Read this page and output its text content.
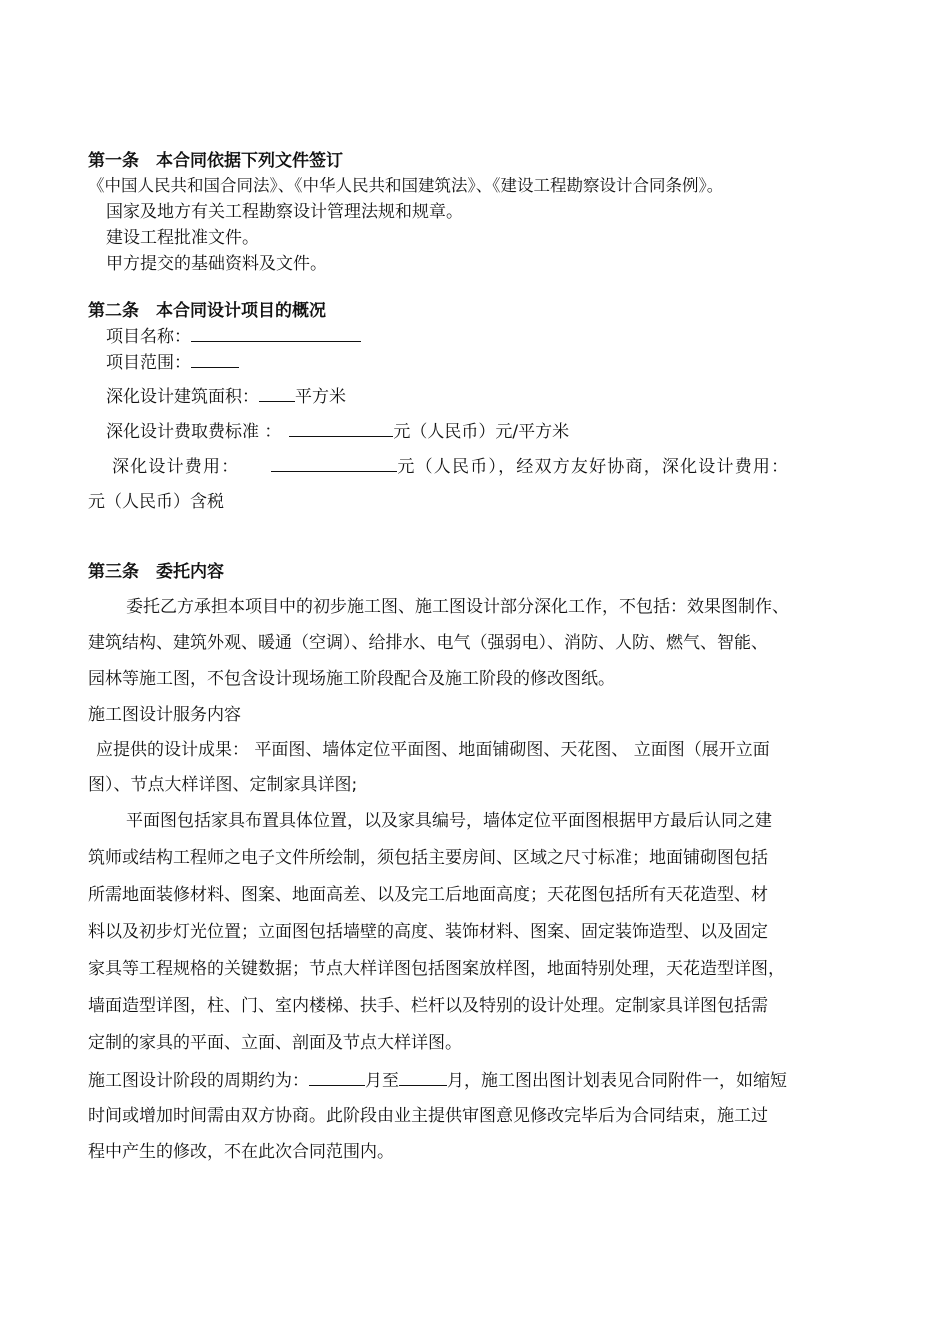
第一条　本合同依据下列文件签订
《中国人民共和国合同法》、《中华人民共和国建筑法》、《建设工程勘察设计合同条例》。
国家及地方有关工程勘察设计管理法规和规章。
建设工程批准文件。
甲方提交的基础资料及文件。
第二条　本合同设计项目的概况
项目名称：
项目范围：
深化设计建筑面积： 平方米
深化设计费取费标准 ：	元（人民币）元/平方米
深化设计费用：	元（人民币），经双方友好协商，深化设计费用：
元（人民币）含税
第三条　委托内容
委托乙方承担本项目中的初步施工图、施工图设计部分深化工作，不包括：效果图制作、
建筑结构、建筑外观、暖通（空调）、给排水、电气（强弱电）、消防、人防、燃气、智能、
园林等施工图，不包含设计现场施工阶段配合及施工阶段的修改图纸。
施工图设计服务内容
应提供的设计成果： 平面图、墙体定位平面图、地面铺砌图、天花图、 立面图（展开立面
图）、节点大样详图、定制家具详图;
平面图包括家具布置具体位置，以及家具编号，墙体定位平面图根据甲方最后认同之建
筑师或结构工程师之电子文件所绘制，须包括主要房间、区域之尺寸标准；地面铺砌图包括
所需地面装修材料、图案、地面高差、以及完工后地面高度；天花图包括所有天花造型、材
料以及初步灯光位置；立面图包括墙壁的高度、装饰材料、图案、固定装饰造型、以及固定
家具等工程规格的关键数据；节点大样详图包括图案放样图，地面特别处理，天花造型详图，
墙面造型详图，柱、门、室内楼梯、扶手、栏杆以及特别的设计处理。定制家具详图包括需
定制的家具的平面、立面、剖面及节点大样详图。
施工图设计阶段的周期约为：	月至	月，施工图出图计划表见合同附件一，如缩短
时间或增加时间需由双方协商。此阶段由业主提供审图意见修改完毕后为合同结束，施工过
程中产生的修改，不在此次合同范围内。
